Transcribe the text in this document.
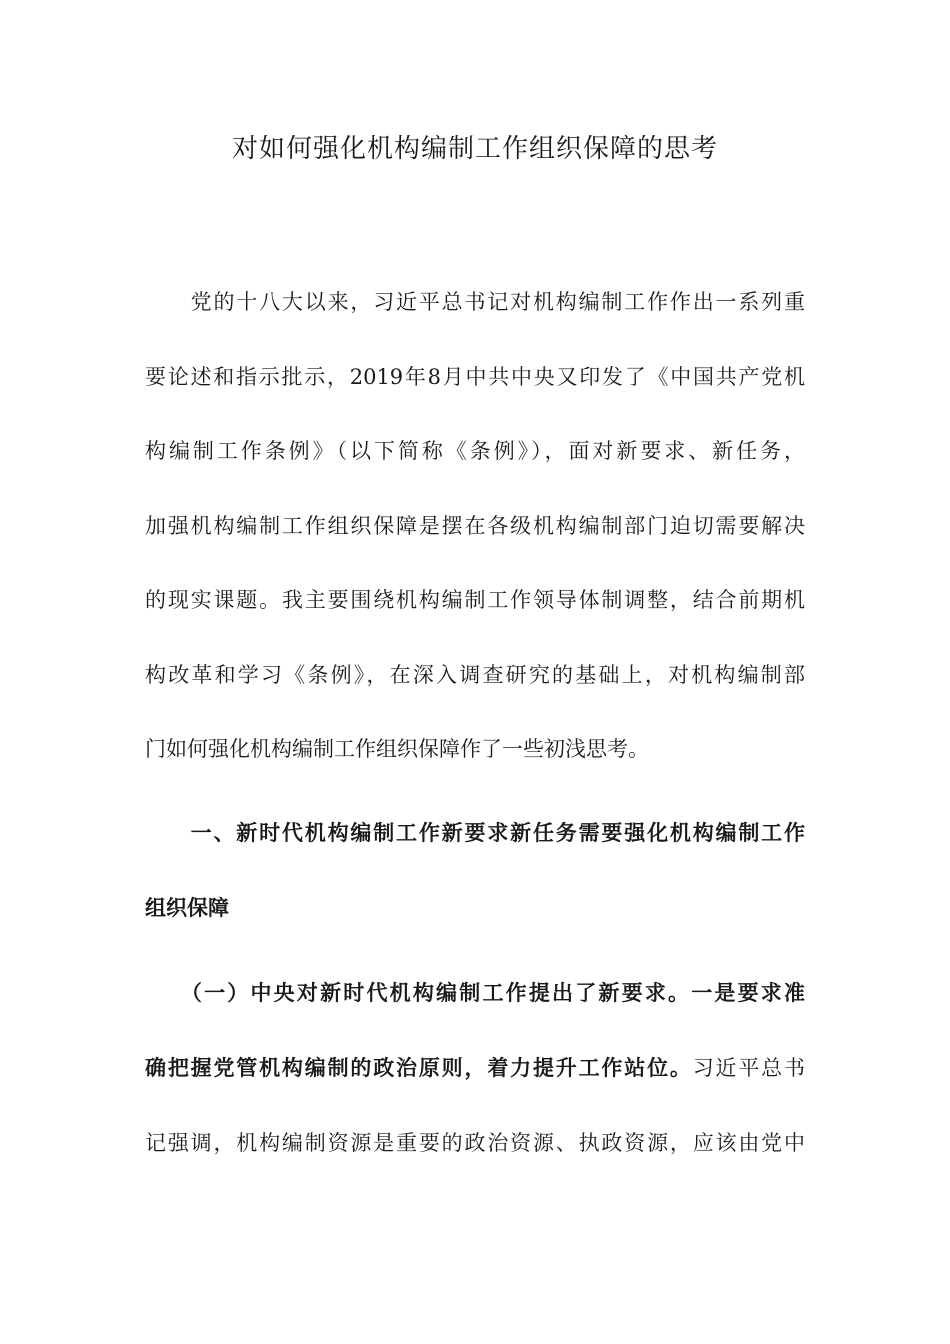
对如何强化机构编制工作组织保障的思考
　　党的十八大以来，习近平总书记对机构编制工作作出一系列重
要论述和指示批示，2019年8月中共中央又印发了《中国共产党机
构编制工作条例》（以下简称《条例》），面对新要求、新任务，
加强机构编制工作组织保障是摆在各级机构编制部门迫切需要解决
的现实课题。我主要围绕机构编制工作领导体制调整，结合前期机
构改革和学习《条例》，在深入调查研究的基础上，对机构编制部
门如何强化机构编制工作组织保障作了一些初浅思考。
　　一、新时代机构编制工作新要求新任务需要强化机构编制工作
组织保障
　　（一）中央对新时代机构编制工作提出了新要求。一是要求准
确把握党管机构编制的政治原则，着力提升工作站位。习近平总书
记强调，机构编制资源是重要的政治资源、执政资源，应该由党中
